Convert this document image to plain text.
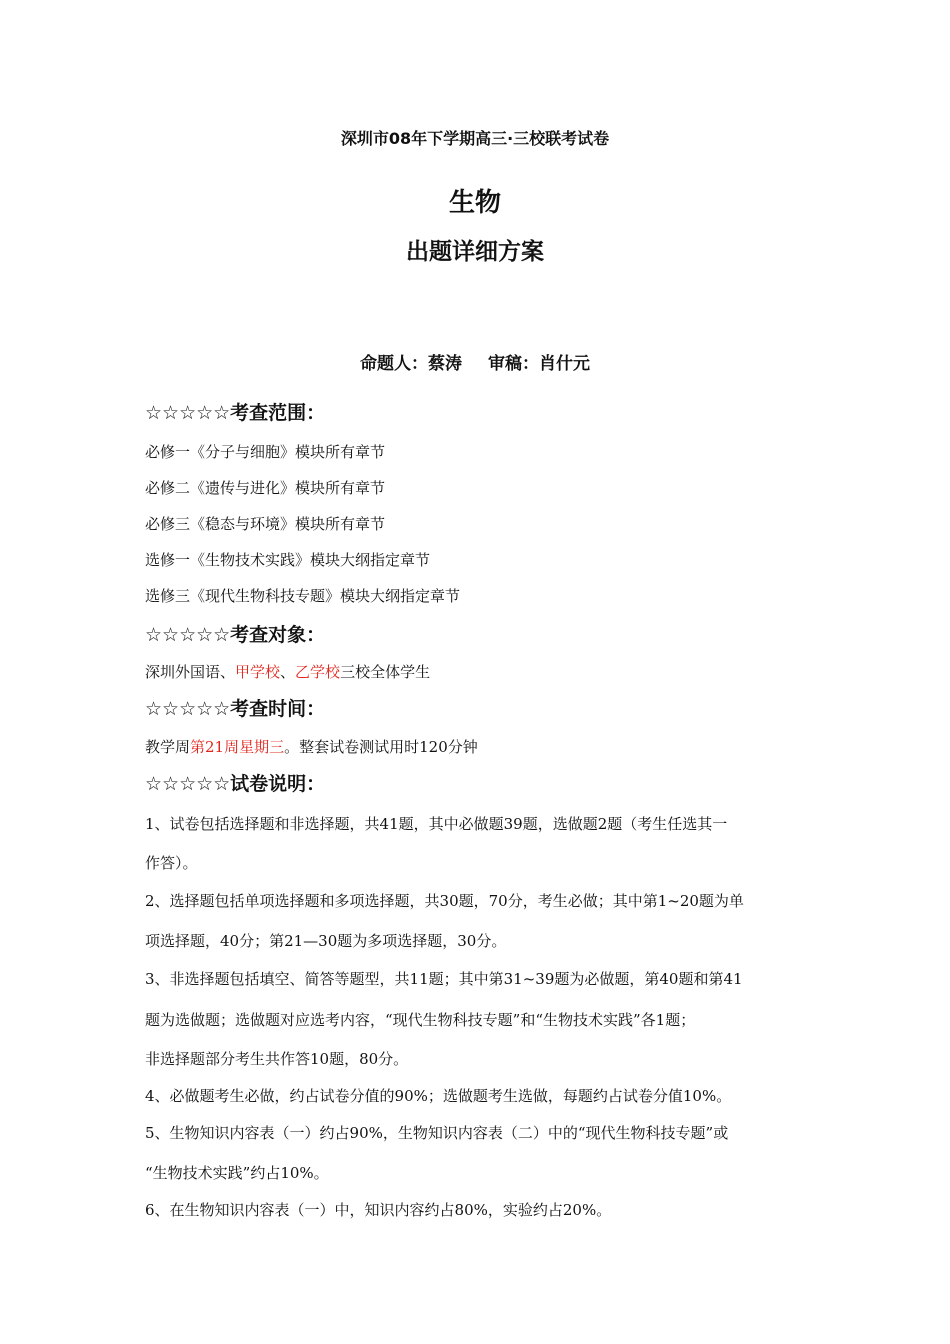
深圳市08年下学期高三·三校联考试卷
生物
出题详细方案
命题人：蔡涛 审稿：肖什元
☆☆☆☆☆考查范围：
必修一《分子与细胞》模块所有章节
必修二《遗传与进化》模块所有章节
必修三《稳态与环境》模块所有章节
选修一《生物技术实践》模块大纲指定章节
选修三《现代生物科技专题》模块大纲指定章节
☆☆☆☆☆考查对象：
深圳外国语、甲学校、乙学校三校全体学生
☆☆☆☆☆考查时间：
教学周第21周星期三。整套试卷测试用时120分钟
☆☆☆☆☆试卷说明：
1、试卷包括选择题和非选择题，共41题，其中必做题39题，选做题2题（考生任选其一
作答）。
2、选择题包括单项选择题和多项选择题，共30题，70分，考生必做；其中第1~20题为单
项选择题，40分；第21—30题为多项选择题，30分。
3、非选择题包括填空、简答等题型，共11题；其中第31~39题为必做题，第40题和第41
题为选做题；选做题对应选考内容，“现代生物科技专题”和“生物技术实践”各1题；
非选择题部分考生共作答10题，80分。
4、必做题考生必做，约占试卷分值的90%；选做题考生选做，每题约占试卷分值10%。
5、生物知识内容表（一）约占90%，生物知识内容表（二）中的“现代生物科技专题”或
“生物技术实践”约占10%。
6、在生物知识内容表（一）中，知识内容约占80%，实验约占20%。
